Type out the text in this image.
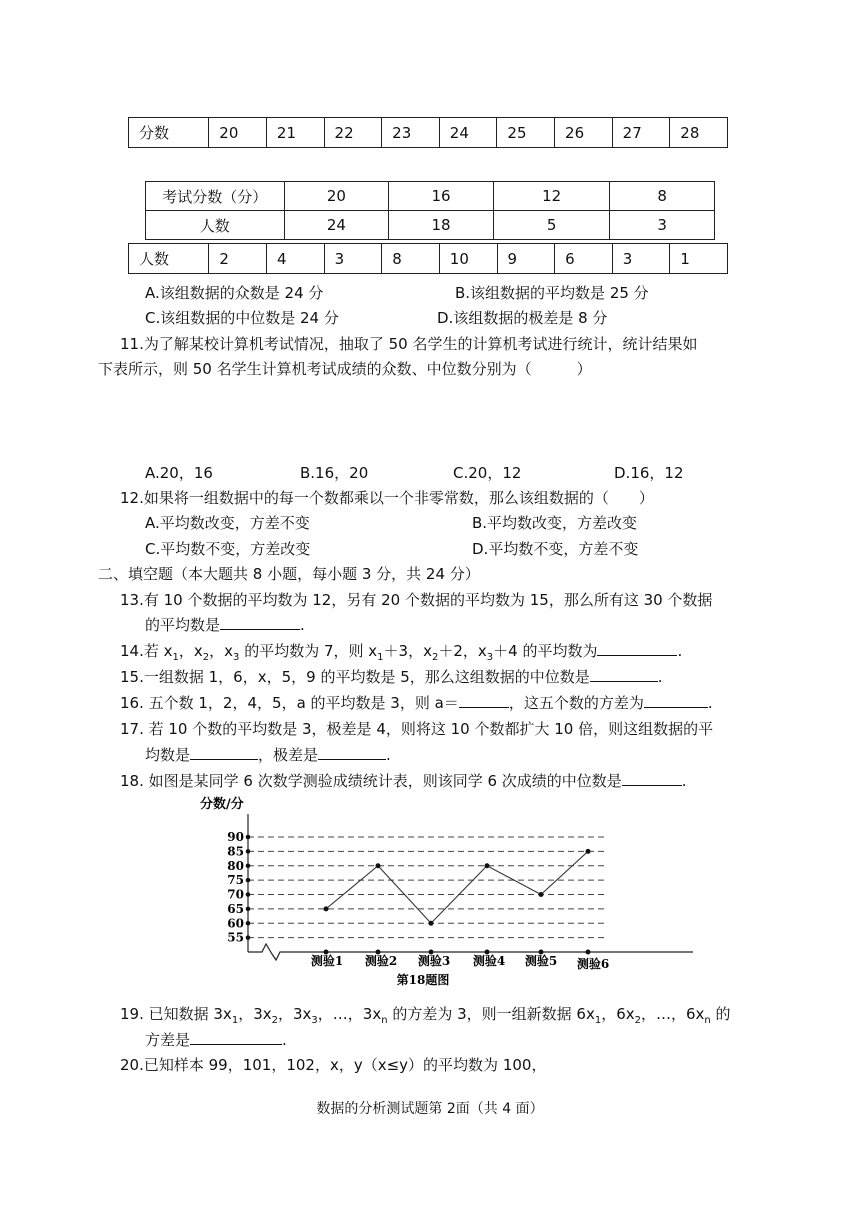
分数	20	21	22	23	24	25	26	27	28
考试分数（分）	20	16	12	8
人数	24	18	5	3
人数	2	4	3	8	10	9	6	3	1
A.该组数据的众数是 24 分	B.该组数据的平均数是 25 分
C.该组数据的中位数是 24 分	D.该组数据的极差是 8 分
11.为了解某校计算机考试情况，抽取了 50 名学生的计算机考试进行统计，统计结果如
下表所示，则 50 名学生计算机考试成绩的众数、中位数分别为（　　　）
A.20，16	B.16，20	C.20，12	D.16，12
12.如果将一组数据中的每一个数都乘以一个非零常数，那么该组数据的（　　）
A.平均数改变，方差不变	B.平均数改变，方差改变
C.平均数不变，方差改变	D.平均数不变，方差不变
二、填空题（本大题共 8 小题，每小题 3 分，共 24 分）
13.有 10 个数据的平均数为 12，另有 20 个数据的平均数为 15，那么所有这 30 个数据
的平均数是	.
14.若 $x_1$，$x_2$，$x_3$ 的平均数为 7，则 $x_1+3$，$x_2+2$，$x_3+4$ 的平均数为	.
15.一组数据 1，6，x，5，9 的平均数是 5，那么这组数据的中位数是	.
16. 五个数 1，2，4，5，a 的平均数是 3，则 a＝	，这五个数的方差为	.
17. 若 10 个数的平均数是 3，极差是 4，则将这 10 个数都扩大 10 倍，则这组数据的平
均数是	，极差是	.
18. 如图是某同学 6 次数学测验成绩统计表，则该同学 6 次成绩的中位数是	.
分数/分
55
60
65
70
75
80
85
90
测验1 测验2 测验3 测验4 测验5 测验6
第18题图
19. 已知数据 $3x_1$，$3x_2$，$3x_3$，…，$3x_n$ 的方差为 3，则一组新数据 $6x_1$，$6x_2$，…，$6x_n$ 的
方差是	.
20.已知样本 99，101，102，x，y（x≤y）的平均数为 100，
数据的分析测试题第 2面（共 4 面）
